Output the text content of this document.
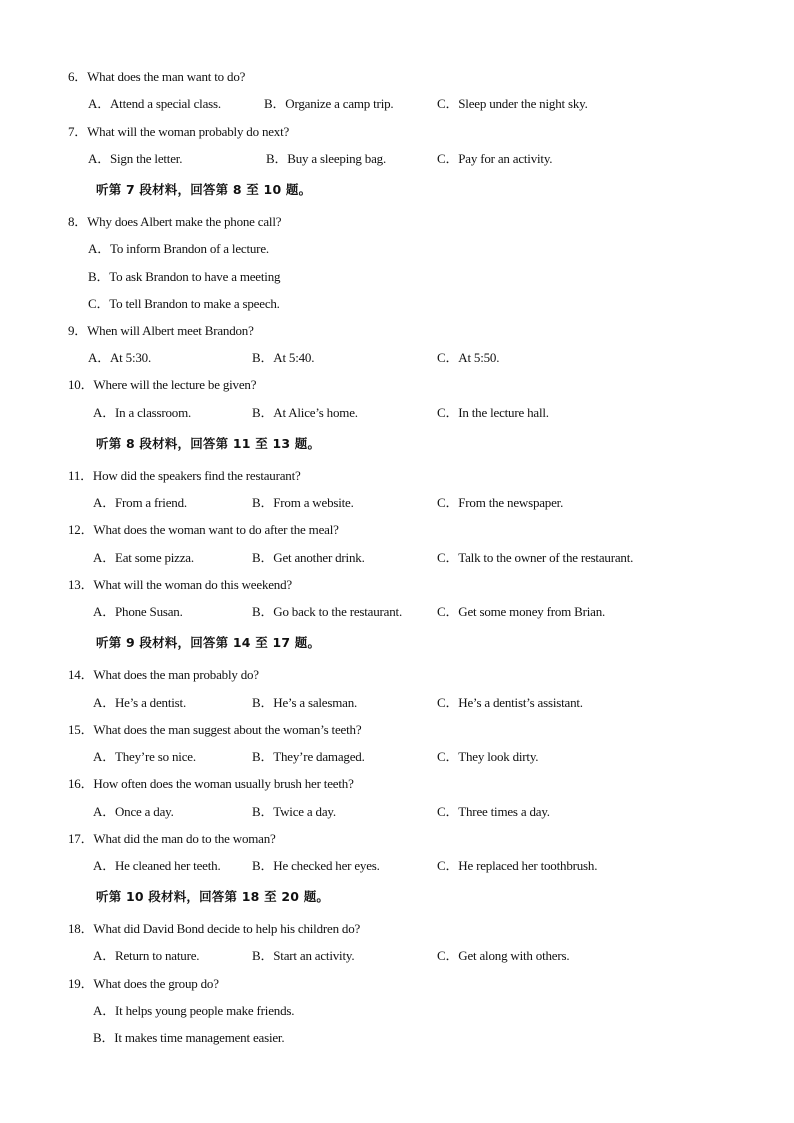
6．What does the man want to do?
A．Attend a special class.	B．Organize a camp trip.	C．Sleep under the night sky.
7．What will the woman probably do next?
A．Sign the letter.	B．Buy a sleeping bag.	C．Pay for an activity.
听第 7 段材料，回答第 8 至 10 题。
8．Why does Albert make the phone call?
A．To inform Brandon of a lecture.
B．To ask Brandon to have a meeting
C．To tell Brandon to make a speech.
9．When will Albert meet Brandon?
A．At 5:30.	B．At 5:40.	C．At 5:50.
10．Where will the lecture be given?
A．In a classroom.	B．At Alice’s home.	C．In the lecture hall.
听第 8 段材料，回答第 11 至 13 题。
11．How did the speakers find the restaurant?
A．From a friend.	B．From a website.	C．From the newspaper.
12．What does the woman want to do after the meal?
A．Eat some pizza.	B．Get another drink.	C．Talk to the owner of the restaurant.
13．What will the woman do this weekend?
A．Phone Susan.	B．Go back to the restaurant.	C．Get some money from Brian.
听第 9 段材料，回答第 14 至 17 题。
14．What does the man probably do?
A．He’s a dentist.	B．He’s a salesman.	C．He’s a dentist’s assistant.
15．What does the man suggest about the woman’s teeth?
A．They’re so nice.	B．They’re damaged.	C．They look dirty.
16．How often does the woman usually brush her teeth?
A．Once a day.	B．Twice a day.	C．Three times a day.
17．What did the man do to the woman?
A．He cleaned her teeth. B．He checked her eyes.	C．He replaced her toothbrush.
听第 10 段材料，回答第 18 至 20 题。
18．What did David Bond decide to help his children do?
A．Return to nature.	B．Start an activity.	C．Get along with others.
19．What does the group do?
A．It helps young people make friends.
B．It makes time management easier.
